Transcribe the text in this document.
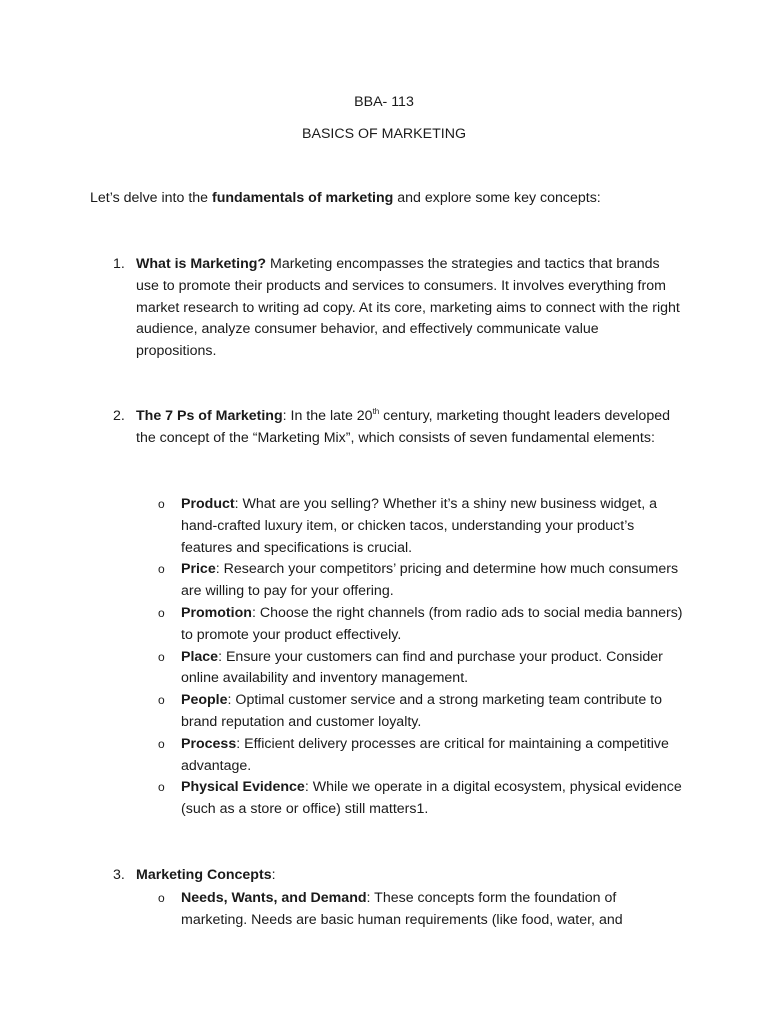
BBA- 113
BASICS OF MARKETING
Let’s delve into the fundamentals of marketing and explore some key concepts:
1. What is Marketing? Marketing encompasses the strategies and tactics that brands use to promote their products and services to consumers. It involves everything from market research to writing ad copy. At its core, marketing aims to connect with the right audience, analyze consumer behavior, and effectively communicate value propositions.
2. The 7 Ps of Marketing: In the late 20th century, marketing thought leaders developed the concept of the “Marketing Mix”, which consists of seven fundamental elements:
o Product: What are you selling? Whether it’s a shiny new business widget, a hand-crafted luxury item, or chicken tacos, understanding your product’s features and specifications is crucial.
o Price: Research your competitors’ pricing and determine how much consumers are willing to pay for your offering.
o Promotion: Choose the right channels (from radio ads to social media banners) to promote your product effectively.
o Place: Ensure your customers can find and purchase your product. Consider online availability and inventory management.
o People: Optimal customer service and a strong marketing team contribute to brand reputation and customer loyalty.
o Process: Efficient delivery processes are critical for maintaining a competitive advantage.
o Physical Evidence: While we operate in a digital ecosystem, physical evidence (such as a store or office) still matters1.
3. Marketing Concepts:
o Needs, Wants, and Demand: These concepts form the foundation of marketing. Needs are basic human requirements (like food, water, and
